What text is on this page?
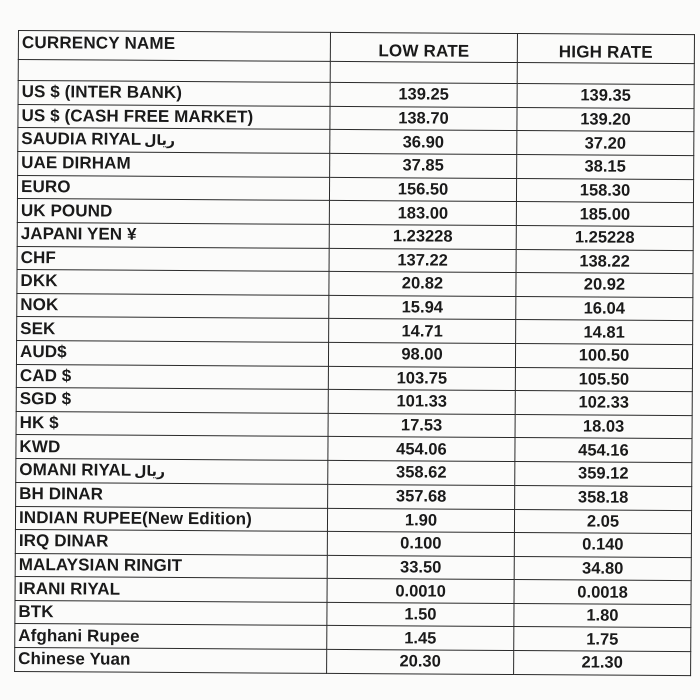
CURRENCY NAME	LOW RATE	HIGH RATE

US $ (INTER BANK)	139.25	139.35
US $ (CASH FREE MARKET)	138.70	139.20
SAUDIA RIYAL ريال	36.90	37.20
UAE DIRHAM	37.85	38.15
EURO	156.50	158.30
UK POUND	183.00	185.00
JAPANI YEN ¥	1.23228	1.25228
CHF	137.22	138.22
DKK	20.82	20.92
NOK	15.94	16.04
SEK	14.71	14.81
AUD$	98.00	100.50
CAD $	103.75	105.50
SGD $	101.33	102.33
HK $	17.53	18.03
KWD	454.06	454.16
OMANI RIYAL ريال	358.62	359.12
BH DINAR	357.68	358.18
INDIAN RUPEE(New Edition)	1.90	2.05
IRQ DINAR	0.100	0.140
MALAYSIAN RINGIT	33.50	34.80
IRANI RIYAL	0.0010	0.0018
BTK	1.50	1.80
Afghani Rupee	1.45	1.75
Chinese Yuan	20.30	21.30
